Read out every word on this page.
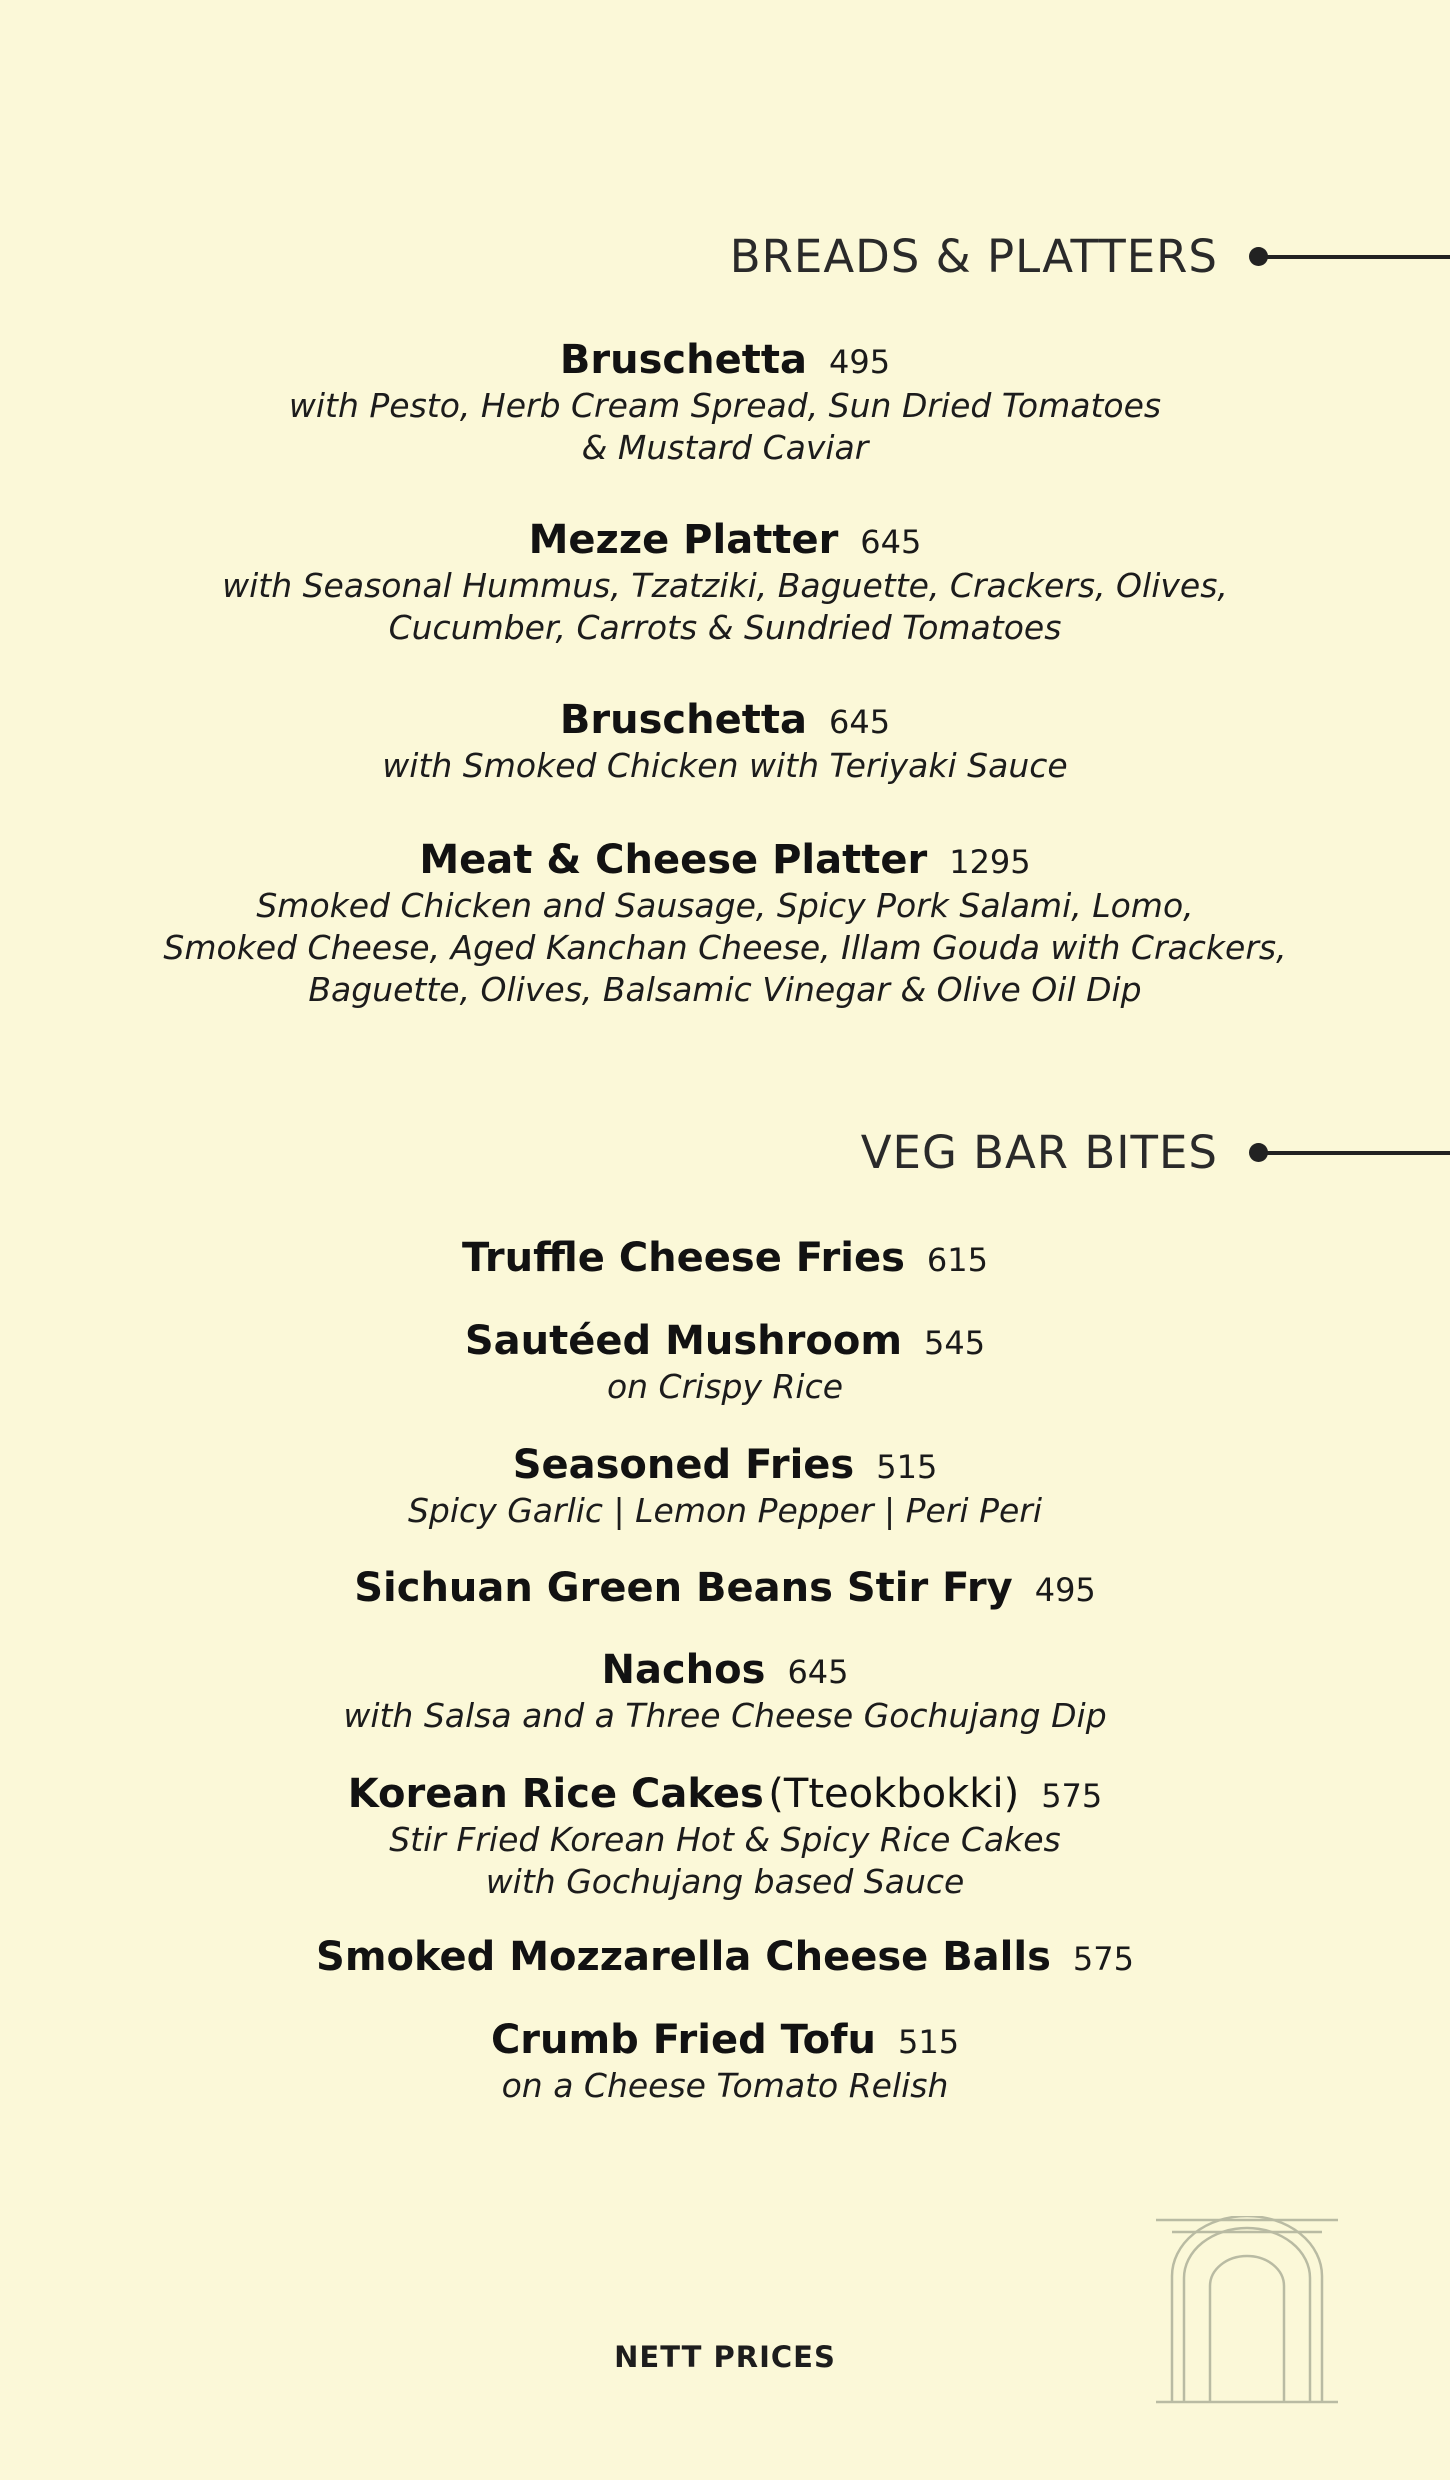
BREADS & PLATTERS
Bruschetta 495
with Pesto, Herb Cream Spread, Sun Dried Tomatoes
& Mustard Caviar
Mezze Platter 645
with Seasonal Hummus, Tzatziki, Baguette, Crackers, Olives,
Cucumber, Carrots & Sundried Tomatoes
Bruschetta 645
with Smoked Chicken with Teriyaki Sauce
Meat & Cheese Platter 1295
Smoked Chicken and Sausage, Spicy Pork Salami, Lomo,
Smoked Cheese, Aged Kanchan Cheese, Illam Gouda with Crackers,
Baguette, Olives, Balsamic Vinegar & Olive Oil Dip
VEG BAR BITES
Truffle Cheese Fries 615
Sautéed Mushroom 545
on Crispy Rice
Seasoned Fries 515
Spicy Garlic | Lemon Pepper | Peri Peri
Sichuan Green Beans Stir Fry 495
Nachos 645
with Salsa and a Three Cheese Gochujang Dip
Korean Rice Cakes (Tteokbokki) 575
Stir Fried Korean Hot & Spicy Rice Cakes
with Gochujang based Sauce
Smoked Mozzarella Cheese Balls 575
Crumb Fried Tofu 515
on a Cheese Tomato Relish
NETT PRICES
